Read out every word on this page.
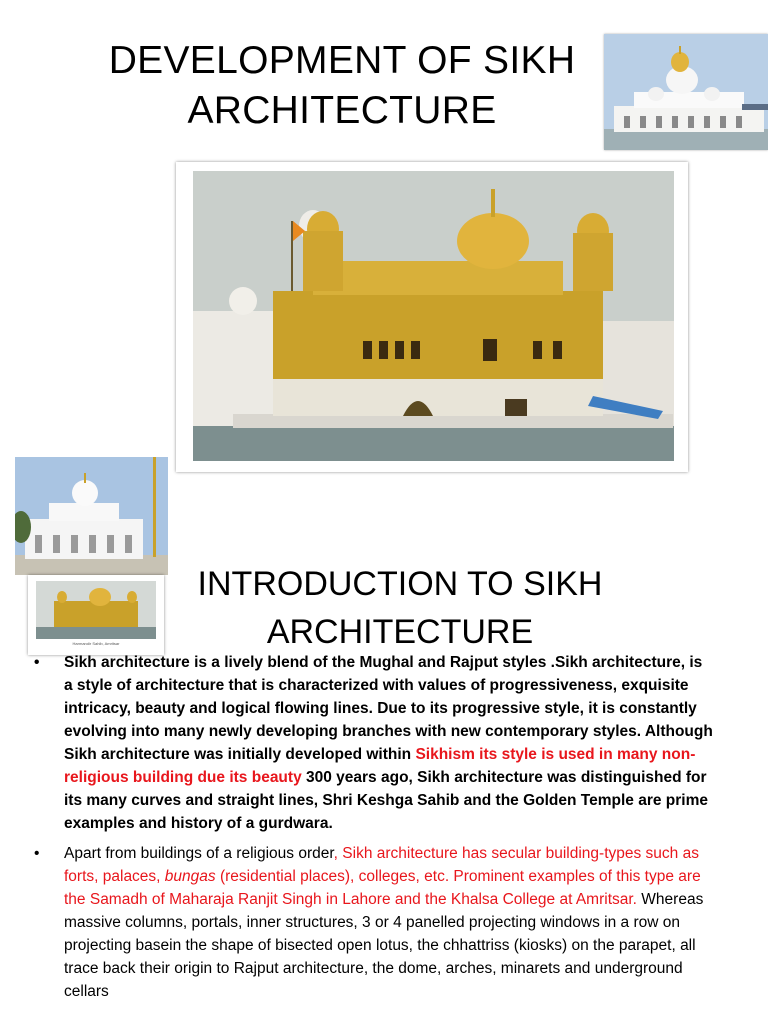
DEVELOPMENT OF SIKH ARCHITECTURE
Harmandir Sahib, Amritsar
INTRODUCTION TO SIKH ARCHITECTURE
• Sikh architecture is a lively blend of the Mughal and Rajput styles .Sikh architecture, is a style of architecture that is characterized with values of progressiveness, exquisite intricacy, beauty and logical flowing lines. Due to its progressive style, it is constantly evolving into many newly developing branches with new contemporary styles. Although Sikh architecture was initially developed within Sikhism its style is used in many non-religious building due its beauty 300 years ago, Sikh architecture was distinguished for its many curves and straight lines, Shri Keshga Sahib and the Golden Temple are prime examples and history of a gurdwara.
• Apart from buildings of a religious order, Sikh architecture has secular building-types such as forts, palaces, bungas (residential places), colleges, etc. Prominent examples of this type are the Samadh of Maharaja Ranjit Singh in Lahore and the Khalsa College at Amritsar. Whereas massive columns, portals, inner structures, 3 or 4 panelled projecting windows in a row on projecting basein the shape of bisected open lotus, the chhattriss (kiosks) on the parapet, all trace back their origin to Rajput architecture, the dome, arches, minarets and underground cellars
